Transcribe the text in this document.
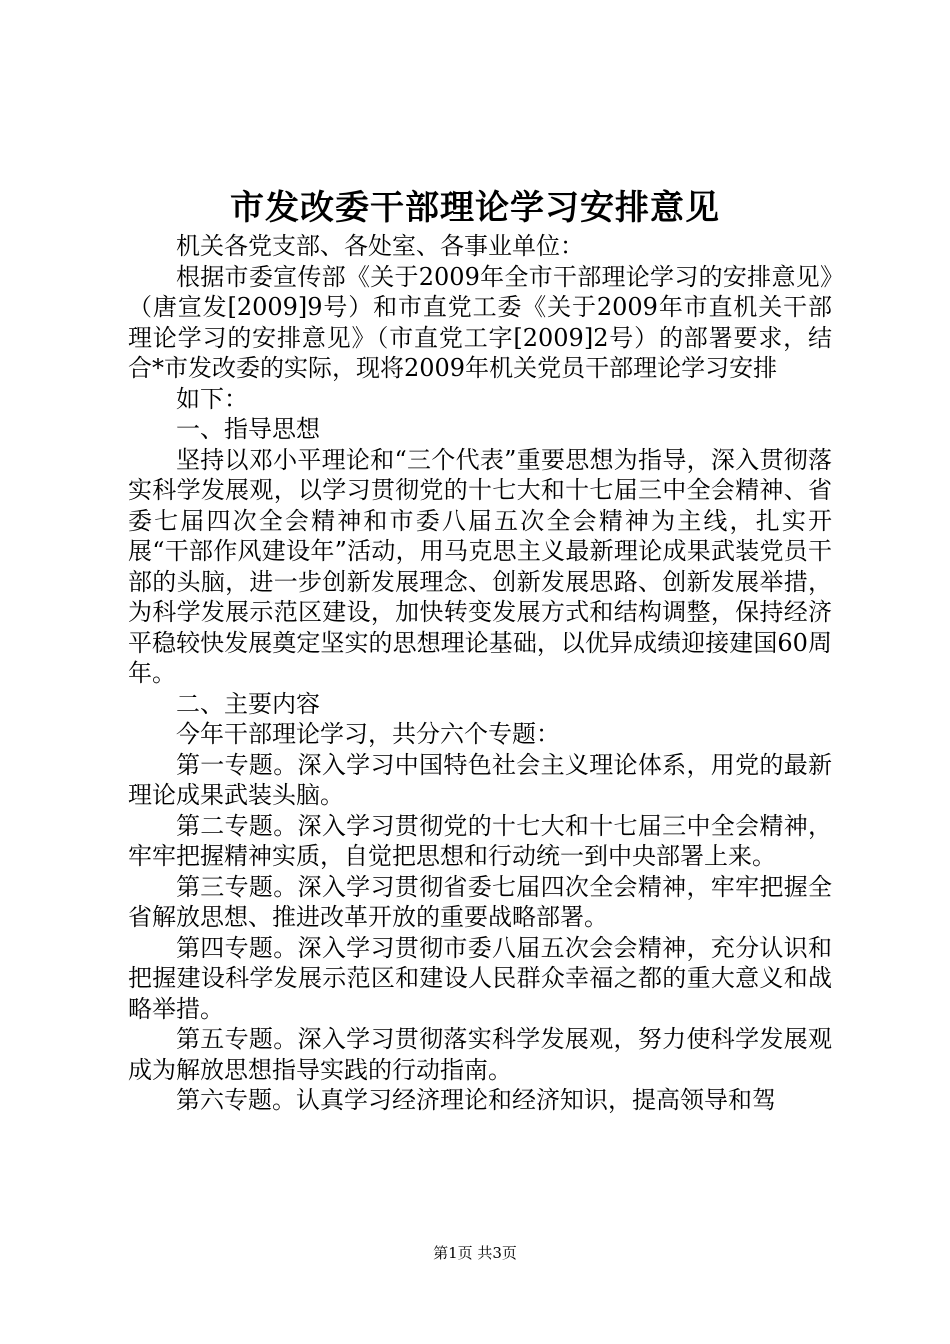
市发改委干部理论学习安排意见

机关各党支部、各处室、各事业单位：

根据市委宣传部《关于2009年全市干部理论学习的安排意见》（唐宣发[2009]9号）和市直党工委《关于2009年市直机关干部理论学习的安排意见》（市直党工字[2009]2号）的部署要求，结合*市发改委的实际，现将2009年机关党员干部理论学习安排

如下：

一、指导思想

坚持以邓小平理论和“三个代表”重要思想为指导，深入贯彻落实科学发展观，以学习贯彻党的十七大和十七届三中全会精神、省委七届四次全会精神和市委八届五次全会精神为主线，扎实开展“干部作风建设年”活动，用马克思主义最新理论成果武装党员干部的头脑，进一步创新发展理念、创新发展思路、创新发展举措，为科学发展示范区建设，加快转变发展方式和结构调整，保持经济平稳较快发展奠定坚实的思想理论基础，以优异成绩迎接建国60周年。

二、主要内容

今年干部理论学习，共分六个专题：

第一专题。深入学习中国特色社会主义理论体系，用党的最新理论成果武装头脑。

第二专题。深入学习贯彻党的十七大和十七届三中全会精神，牢牢把握精神实质，自觉把思想和行动统一到中央部署上来。

第三专题。深入学习贯彻省委七届四次全会精神，牢牢把握全省解放思想、推进改革开放的重要战略部署。

第四专题。深入学习贯彻市委八届五次会会精神，充分认识和把握建设科学发展示范区和建设人民群众幸福之都的重大意义和战略举措。

第五专题。深入学习贯彻落实科学发展观，努力使科学发展观成为解放思想指导实践的行动指南。

第六专题。认真学习经济理论和经济知识，提高领导和驾

第1页 共3页
